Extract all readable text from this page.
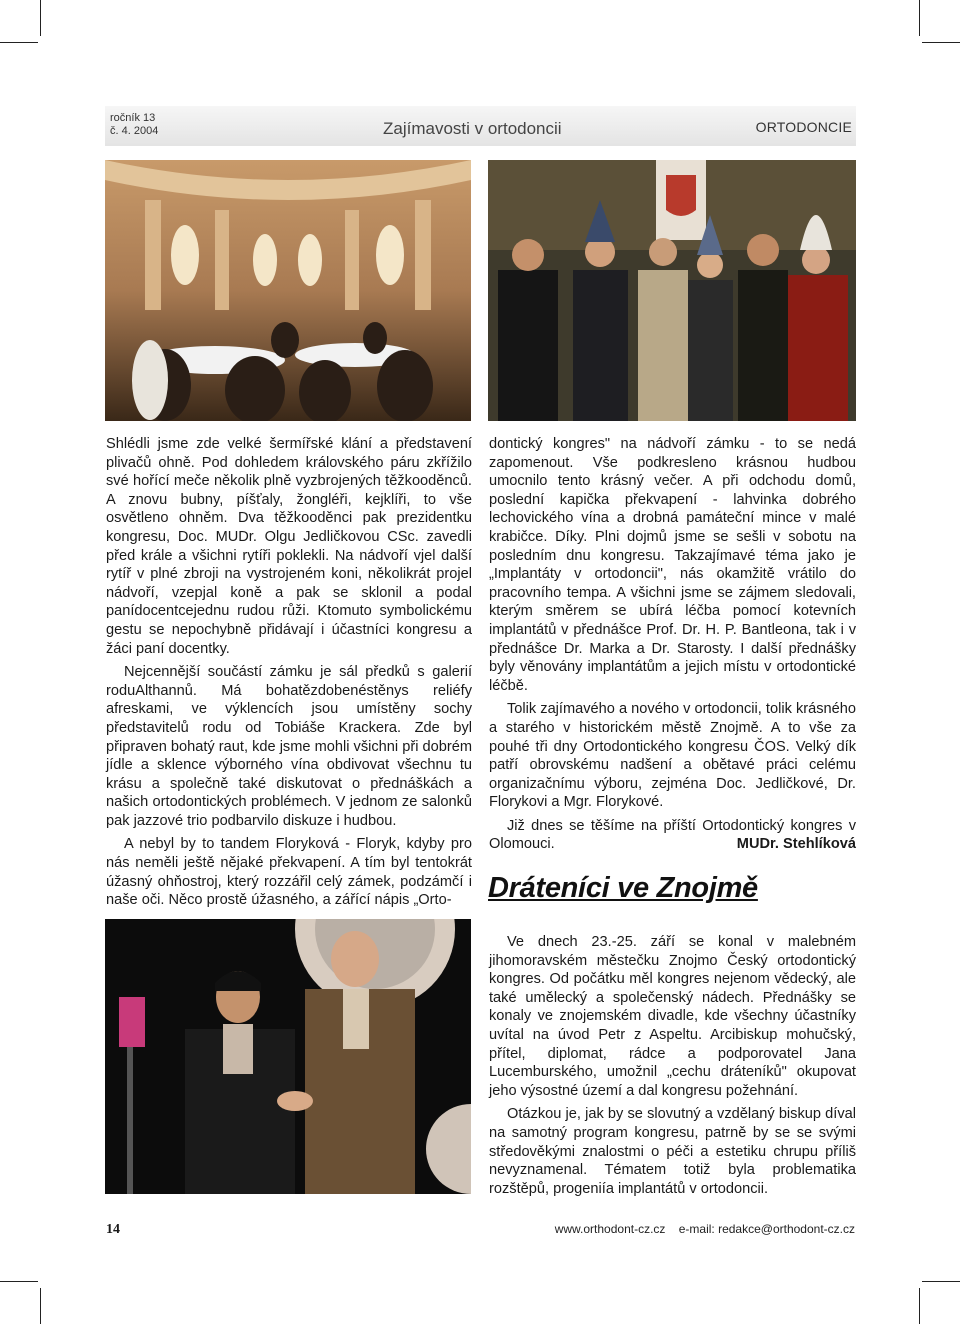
ročník 13
č. 4. 2004	Zajímavosti v ortodoncii	ORTODONCIE

Shlédli jsme zde velké šermířské klání a představení plivačů ohně. Pod dohledem královského páru zkřížilo své hořící meče několik plně vyzbrojených těžkooděnců. A znovu bubny, píšťaly, žongléři, kejklíři, to vše osvětleno ohněm. Dva těžkooděnci pak prezidentku kongresu, Doc. MUDr. Olgu Jedličkovou CSc. zavedli před krále a všichni rytíři poklekli. Na nádvoří vjel další rytíř v plné zbroji na vystrojeném koni, několikrát projel nádvoří, vzepjal koně a pak se sklonil a podal panídocentcejednu rudou růži. Ktomuto symbolickému gestu se nepochybně přidávají i účastníci kongresu a žáci paní docentky.

Nejcennější součástí zámku je sál předků s galerií roduAlthannů. Má bohatězdobenéstěnys reliéfy afreskami, ve výklencích jsou umístěny sochy představitelů rodu od Tobiáše Krackera. Zde byl připraven bohatý raut, kde jsme mohli všichni při dobrém jídle a sklence výborného vína obdivovat všechnu tu krásu a společně také diskutovat o přednáškách a našich ortodontických problémech. V jednom ze salonků pak jazzové trio podbarvilo diskuze i hudbou.

A nebyl by to tandem Floryková - Floryk, kdyby pro nás neměli ještě nějaké překvapení. A tím byl tentokrát úžasný ohňostroj, který rozzářil celý zámek, podzámčí i naše oči. Něco prostě úžasného, a zářící nápis „Orto-

dontický kongres" na nádvoří zámku - to se nedá zapomenout. Vše podkresleno krásnou hudbou umocnilo tento krásný večer. A při odchodu domů, poslední kapička překvapení - lahvinka dobrého lechovického vína a drobná památeční mince v malé krabičce. Díky. Plni dojmů jsme se sešli v sobotu na posledním dnu kongresu. Takzajímavé téma jako je „Implantáty v ortodoncii", nás okamžitě vrátilo do pracovního tempa. A všichni jsme se zájmem sledovali, kterým směrem se ubírá léčba pomocí kotevních implantátů v přednášce Prof. Dr. H. P. Bantleona, tak i v přednášce Dr. Marka a Dr. Starosty. I další přednášky byly věnovány implantátům a jejich místu v ortodontické léčbě.

Tolik zajímavého a nového v ortodoncii, tolik krásného a starého v historickém městě Znojmě. A to vše za pouhé tři dny Ortodontického kongresu ČOS. Velký dík patří obrovskému nadšení a obětavé práci celému organizačnímu výboru, zejména Doc. Jedličkové, Dr. Florykovi a Mgr. Florykové.

Již dnes se těšíme na příští Ortodontický kongres v Olomouci.	MUDr. Stehlíková

Dráteníci ve Znojmě

Ve dnech 23.-25. září se konal v malebném jihomoravském městečku Znojmo Český ortodontický kongres. Od počátku měl kongres nejenom vědecký, ale také umělecký a společenský nádech. Přednášky se konaly ve znojemském divadle, kde všechny účastníky uvítal na úvod Petr z Aspeltu. Arcibiskup mohučský, přítel, diplomat, rádce a podporovatel Jana Lucemburského, umožnil „cechu dráteníků" okupovat jeho výsostné území a dal kongresu požehnání.

Otázkou je, jak by se slovutný a vzdělaný biskup díval na samotný program kongresu, patrně by se se svými středověkými znalostmi o péči a estetiku chrupu příliš nevyznamenal. Tématem totiž byla problematika rozštěpů, progeniía implantátů v ortodoncii.

14	www.orthodont-cz.cz    e-mail: redakce@orthodont-cz.cz
